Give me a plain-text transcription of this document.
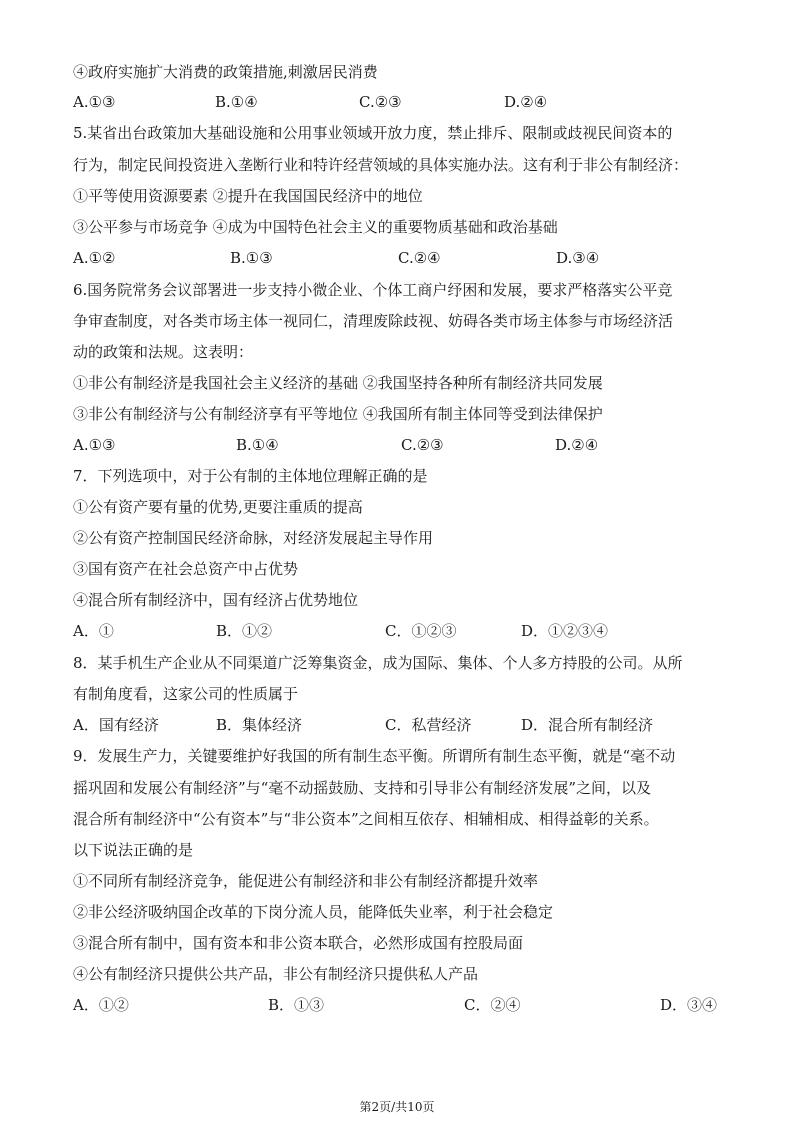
④政府实施扩大消费的政策措施,刺激居民消费
A.①③	B.①④	C.②③	D.②④
5.某省出台政策加大基础设施和公用事业领域开放力度，禁止排斥、限制或歧视民间资本的
行为，制定民间投资进入垄断行业和特许经营领域的具体实施办法。这有利于非公有制经济：
①平等使用资源要素 ②提升在我国国民经济中的地位
③公平参与市场竞争 ④成为中国特色社会主义的重要物质基础和政治基础
A.①②	B.①③	C.②④	D.③④
6.国务院常务会议部署进一步支持小微企业、个体工商户纾困和发展，要求严格落实公平竞
争审查制度，对各类市场主体一视同仁，清理废除歧视、妨碍各类市场主体参与市场经济活
动的政策和法规。这表明：
①非公有制经济是我国社会主义经济的基础 ②我国坚持各种所有制经济共同发展
③非公有制经济与公有制经济享有平等地位 ④我国所有制主体同等受到法律保护
A.①③	B.①④	C.②③	D.②④
7．下列选项中，对于公有制的主体地位理解正确的是
①公有资产要有量的优势,更要注重质的提高
②公有资产控制国民经济命脉，对经济发展起主导作用
③国有资产在社会总资产中占优势
④混合所有制经济中，国有经济占优势地位
A．①	B．①②	C．①②③	D．①②③④
8．某手机生产企业从不同渠道广泛筹集资金，成为国际、集体、个人多方持股的公司。从所
有制角度看，这家公司的性质属于
A．国有经济	B．集体经济	C．私营经济	D．混合所有制经济
9．发展生产力，关键要维护好我国的所有制生态平衡。所谓所有制生态平衡，就是“毫不动
摇巩固和发展公有制经济”与“毫不动摇鼓励、支持和引导非公有制经济发展”之间，以及
混合所有制经济中“公有资本”与“非公资本”之间相互依存、相辅相成、相得益彰的关系。
以下说法正确的是
①不同所有制经济竞争，能促进公有制经济和非公有制经济都提升效率
②非公经济吸纳国企改革的下岗分流人员，能降低失业率，利于社会稳定
③混合所有制中，国有资本和非公资本联合，必然形成国有控股局面
④公有制经济只提供公共产品，非公有制经济只提供私人产品
A．①②	B．①③	C．②④	D．③④
第2页/共10页
